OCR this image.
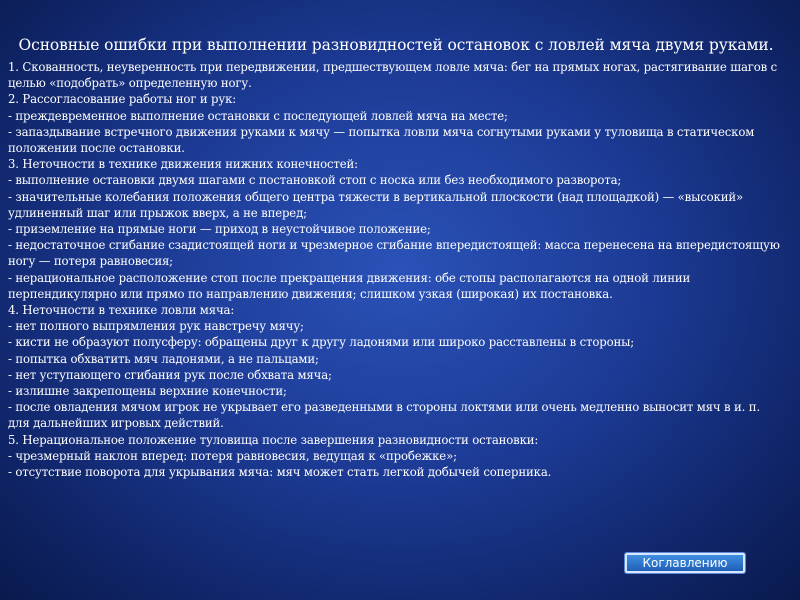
Основные ошибки при выполнении разновидностей остановок с ловлей мяча двумя руками.
1. Скованность, неуверенность при передвижении, предшествующем ловле мяча: бег на прямых ногах, растягивание шагов с целью «подобрать» определенную ногу.
2. Рассогласование работы ног и рук:
- преждевременное выполнение остановки с последующей ловлей мяча на месте;
- запаздывание встречного движения руками к мячу — попытка ловли мяча согнутыми руками у туловища в статическом положении после остановки.
3. Неточности в технике движения нижних конечностей:
- выполнение остановки двумя шагами с постановкой стоп с носка или без необходимого разворота;
- значительные колебания положения общего центра тяжести в вертикальной плоскости (над площадкой) — «высокий» удлиненный шаг или прыжок вверх, а не вперед;
- приземление на прямые ноги — приход в неустойчивое положение;
- недостаточное сгибание сзадистоящей ноги и чрезмерное сгибание впередистоящей: масса перенесена на впередистоящую ногу — потеря равновесия;
- нерациональное расположение стоп после прекращения движения: обе стопы располагаются на одной линии перпендикулярно или прямо по направлению движения; слишком узкая (широкая) их постановка.
4. Неточности в технике ловли мяча:
- нет полного выпрямления рук навстречу мячу;
- кисти не образуют полусферу: обращены друг к другу ладонями или широко расставлены в стороны;
- попытка обхватить мяч ладонями, а не пальцами;
- нет уступающего сгибания рук после обхвата мяча;
- излишне закрепощены верхние конечности;
- после овладения мячом игрок не укрывает его разведенными в стороны локтями или очень медленно выносит мяч в и. п. для дальнейших игровых действий.
5. Нерациональное положение туловища после завершения разновидности остановки:
- чрезмерный наклон вперед: потеря равновесия, ведущая к «пробежке»;
- отсутствие поворота для укрывания мяча: мяч может стать легкой добычей соперника.
Коглавлению
